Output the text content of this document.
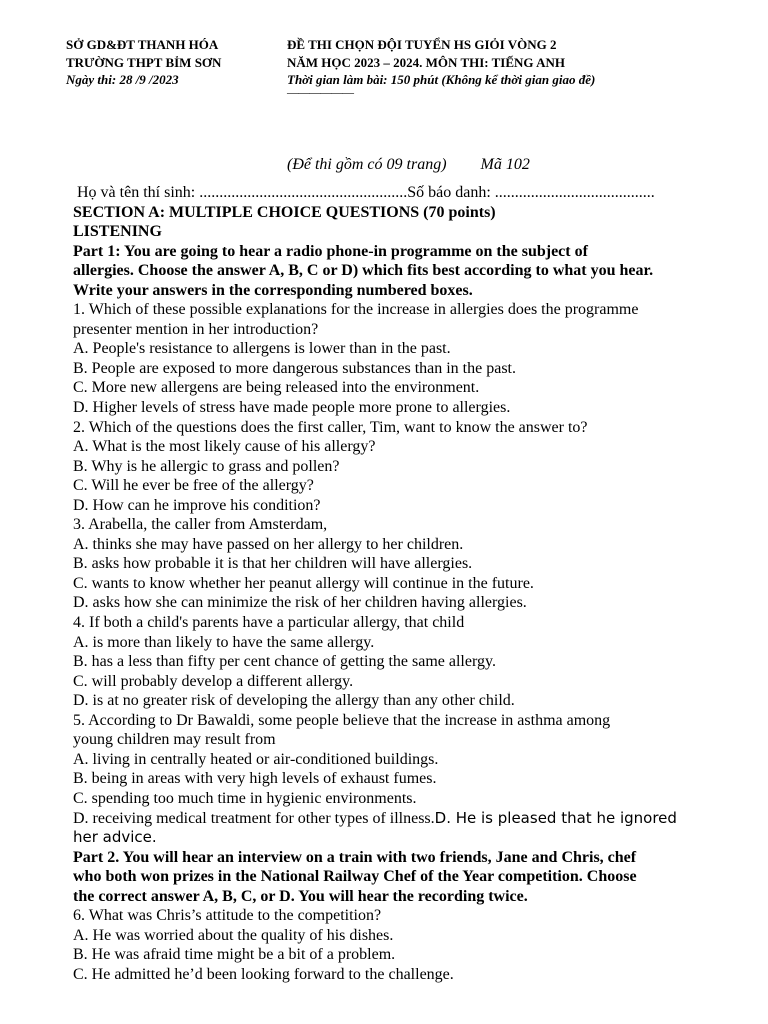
SỞ GD&ĐT THANH HÓA
TRƯỜNG THPT BỈM SƠN
Ngày thi: 28 /9 /2023
ĐỀ THI CHỌN ĐỘI TUYỂN HS GIỎI VÒNG 2
NĂM HỌC 2023 – 2024. MÔN THI: TIẾNG ANH
Thời gian làm bài: 150 phút (Không kể thời gian giao đề)
——————
(Để thi gồm có 09 trang) Mã 102
Họ và tên thí sinh: ....................................................Số báo danh: ........................................
SECTION A: MULTIPLE CHOICE QUESTIONS (70 points)
LISTENING
Part 1: You are going to hear a radio phone-in programme on the subject of
allergies. Choose the answer A, B, C or D) which fits best according to what you hear.
Write your answers in the corresponding numbered boxes.
1. Which of these possible explanations for the increase in allergies does the programme
presenter mention in her introduction?
A. People's resistance to allergens is lower than in the past.
B. People are exposed to more dangerous substances than in the past.
C. More new allergens are being released into the environment.
D. Higher levels of stress have made people more prone to allergies.
2. Which of the questions does the first caller, Tim, want to know the answer to?
A. What is the most likely cause of his allergy?
B. Why is he allergic to grass and pollen?
C. Will he ever be free of the allergy?
D. How can he improve his condition?
3. Arabella, the caller from Amsterdam,
A. thinks she may have passed on her allergy to her children.
B. asks how probable it is that her children will have allergies.
C. wants to know whether her peanut allergy will continue in the future.
D. asks how she can minimize the risk of her children having allergies.
4. If both a child's parents have a particular allergy, that child
A. is more than likely to have the same allergy.
B. has a less than fifty per cent chance of getting the same allergy.
C. will probably develop a different allergy.
D. is at no greater risk of developing the allergy than any other child.
5. According to Dr Bawaldi, some people believe that the increase in asthma among
young children may result from
A. living in centrally heated or air-conditioned buildings.
B. being in areas with very high levels of exhaust fumes.
C. spending too much time in hygienic environments.
D. receiving medical treatment for other types of illness.D. He is pleased that he ignored
her advice.
Part 2. You will hear an interview on a train with two friends, Jane and Chris, chef
who both won prizes in the National Railway Chef of the Year competition. Choose
the correct answer A, B, C, or D. You will hear the recording twice.
6. What was Chris’s attitude to the competition?
A. He was worried about the quality of his dishes.
B. He was afraid time might be a bit of a problem.
C. He admitted he’d been looking forward to the challenge.
